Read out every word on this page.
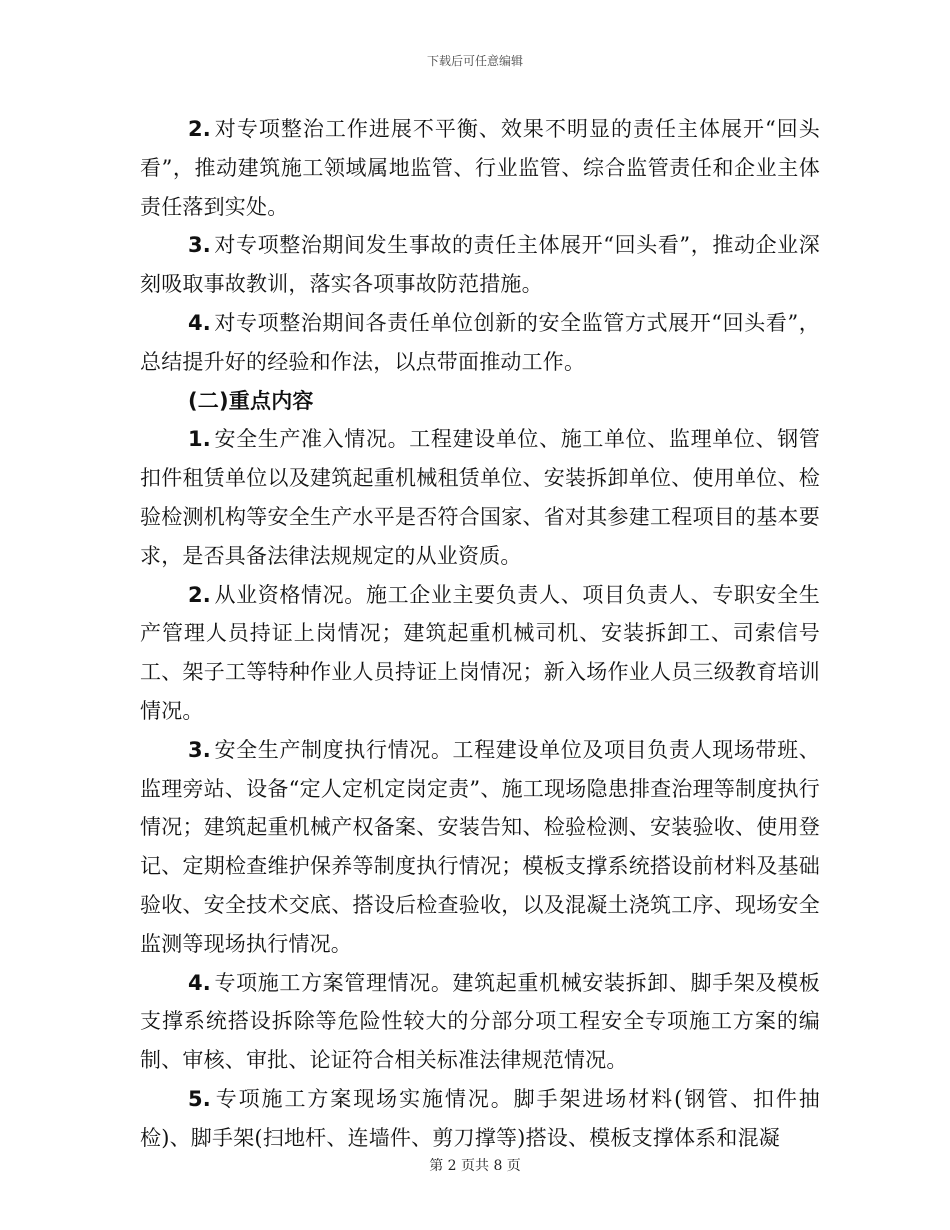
下载后可任意编辑

2. 对专项整治工作进展不平衡、效果不明显的责任主体展开“回头看”，推动建筑施工领域属地监管、行业监管、综合监管责任和企业主体责任落到实处。

3. 对专项整治期间发生事故的责任主体展开“回头看”，推动企业深刻吸取事故教训，落实各项事故防范措施。

4. 对专项整治期间各责任单位创新的安全监管方式展开“回头看”，总结提升好的经验和作法，以点带面推动工作。

(二)重点内容

1. 安全生产准入情况。工程建设单位、施工单位、监理单位、钢管扣件租赁单位以及建筑起重机械租赁单位、安装拆卸单位、使用单位、检验检测机构等安全生产水平是否符合国家、省对其参建工程项目的基本要求，是否具备法律法规规定的从业资质。

2. 从业资格情况。施工企业主要负责人、项目负责人、专职安全生产管理人员持证上岗情况；建筑起重机械司机、安装拆卸工、司索信号工、架子工等特种作业人员持证上岗情况；新入场作业人员三级教育培训情况。

3. 安全生产制度执行情况。工程建设单位及项目负责人现场带班、监理旁站、设备“定人定机定岗定责”、施工现场隐患排查治理等制度执行情况；建筑起重机械产权备案、安装告知、检验检测、安装验收、使用登记、定期检查维护保养等制度执行情况；模板支撑系统搭设前材料及基础验收、安全技术交底、搭设后检查验收，以及混凝土浇筑工序、现场安全监测等现场执行情况。

4. 专项施工方案管理情况。建筑起重机械安装拆卸、脚手架及模板支撑系统搭设拆除等危险性较大的分部分项工程安全专项施工方案的编制、审核、审批、论证符合相关标准法律规范情况。

5. 专项施工方案现场实施情况。脚手架进场材料(钢管、扣件抽检)、脚手架(扫地杆、连墙件、剪刀撑等)搭设、模板支撑体系和混凝

第 2 页共 8 页
